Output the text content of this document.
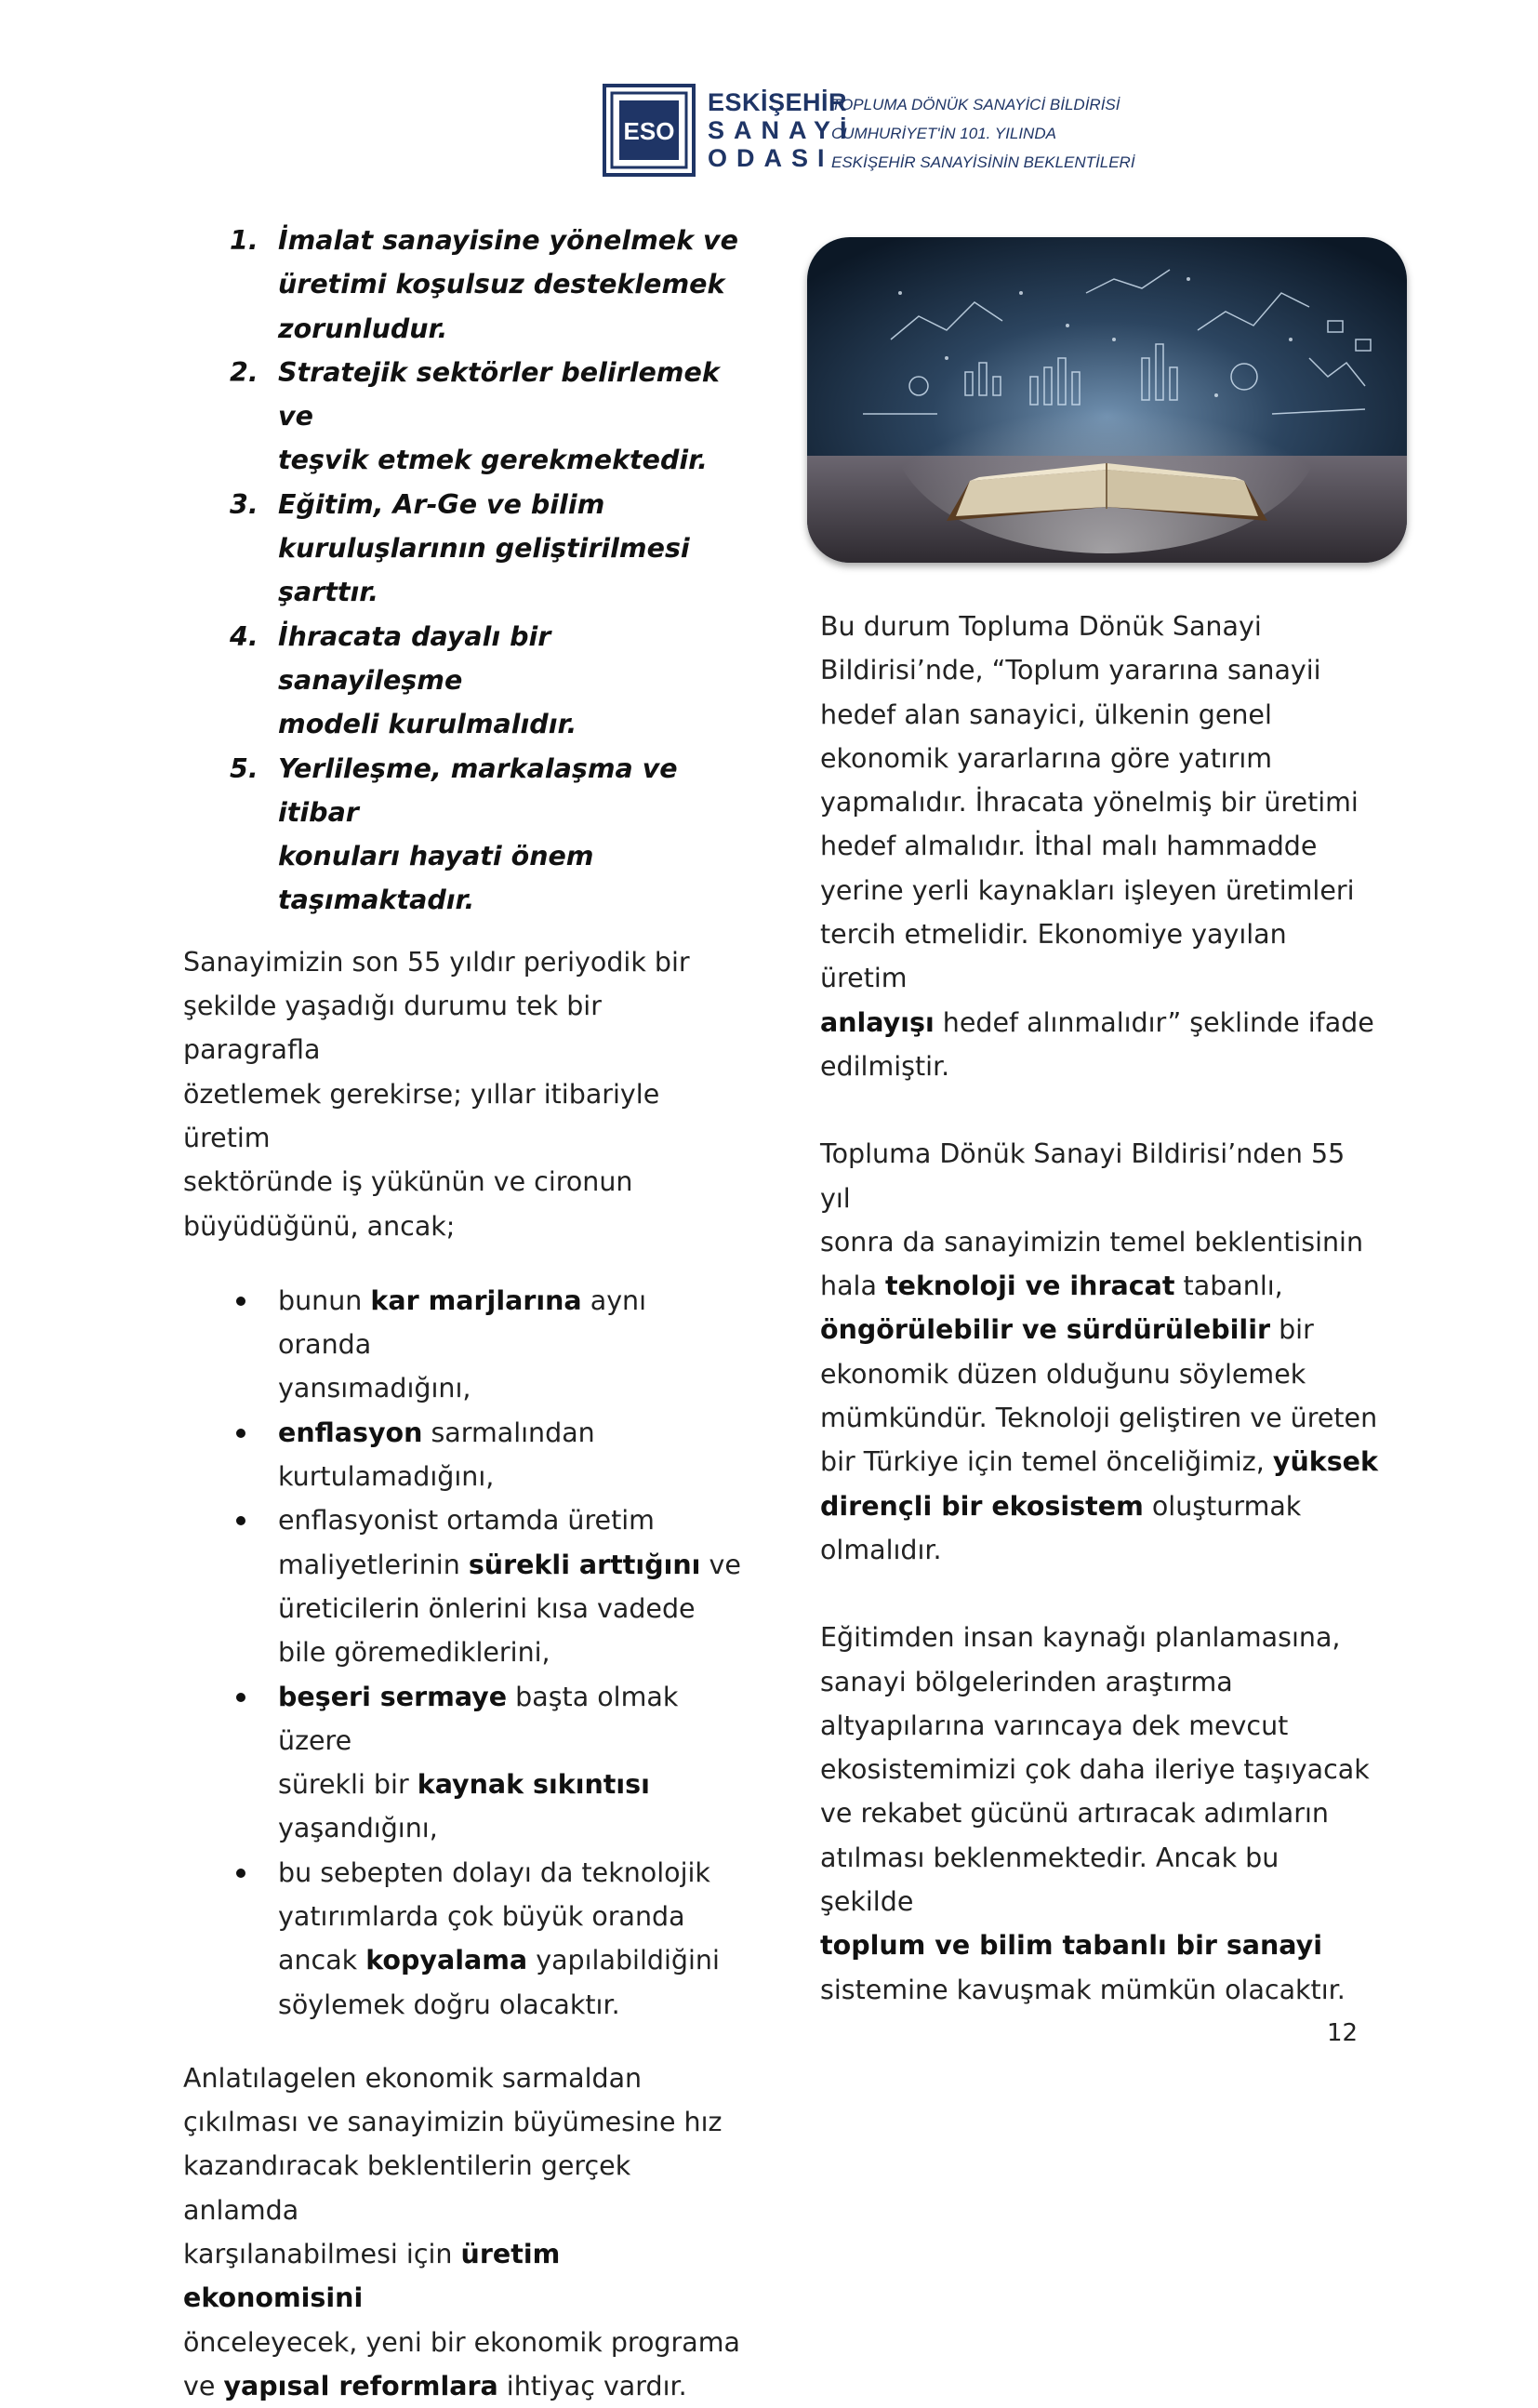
ESO
ESKİŞEHİR
SANAYİ
ODASI
TOPLUMA DÖNÜK SANAYİCİ BİLDİRİSİ
CUMHURİYET'İN 101. YILINDA
ESKİŞEHİR SANAYİSİNİN BEKLENTİLERİ
1. İmalat sanayisine yönelmek ve
üretimi koşulsuz desteklemek
zorunludur.
2. Stratejik sektörler belirlemek ve
teşvik etmek gerekmektedir.
3. Eğitim, Ar-Ge ve bilim
kuruluşlarının geliştirilmesi şarttır.
4. İhracata dayalı bir sanayileşme
modeli kurulmalıdır.
5. Yerlileşme, markalaşma ve itibar
konuları hayati önem
taşımaktadır.

Sanayimizin son 55 yıldır periyodik bir
şekilde yaşadığı durumu tek bir paragrafla
özetlemek gerekirse; yıllar itibariyle üretim
sektöründe iş yükünün ve cironun
büyüdüğünü, ancak;

bunun kar marjlarına aynı oranda
yansımadığını,
enflasyon sarmalından
kurtulamadığını,
enflasyonist ortamda üretim
maliyetlerinin sürekli arttığını ve
üreticilerin önlerini kısa vadede
bile göremediklerini,
beşeri sermaye başta olmak üzere
sürekli bir kaynak sıkıntısı
yaşandığını,
bu sebepten dolayı da teknolojik
yatırımlarda çok büyük oranda
ancak kopyalama yapılabildiğini
söylemek doğru olacaktır.

Anlatılagelen ekonomik sarmaldan
çıkılması ve sanayimizin büyümesine hız
kazandıracak beklentilerin gerçek anlamda
karşılanabilmesi için üretim ekonomisini
önceleyecek, yeni bir ekonomik programa
ve yapısal reformlara ihtiyaç vardır.

Bu durum Topluma Dönük Sanayi
Bildirisi’nde, “Toplum yararına sanayii
hedef alan sanayici, ülkenin genel
ekonomik yararlarına göre yatırım
yapmalıdır. İhracata yönelmiş bir üretimi
hedef almalıdır. İthal malı hammadde
yerine yerli kaynakları işleyen üretimleri
tercih etmelidir. Ekonomiye yayılan üretim
anlayışı hedef alınmalıdır” şeklinde ifade
edilmiştir.

Topluma Dönük Sanayi Bildirisi’nden 55 yıl
sonra da sanayimizin temel beklentisinin
hala teknoloji ve ihracat tabanlı,
öngörülebilir ve sürdürülebilir bir
ekonomik düzen olduğunu söylemek
mümkündür. Teknoloji geliştiren ve üreten
bir Türkiye için temel önceliğimiz, yüksek
dirençli bir ekosistem oluşturmak
olmalıdır.

Eğitimden insan kaynağı planlamasına,
sanayi bölgelerinden araştırma
altyapılarına varıncaya dek mevcut
ekosistemimizi çok daha ileriye taşıyacak
ve rekabet gücünü artıracak adımların
atılması beklenmektedir. Ancak bu şekilde
toplum ve bilim tabanlı bir sanayi
sistemine kavuşmak mümkün olacaktır.

12
